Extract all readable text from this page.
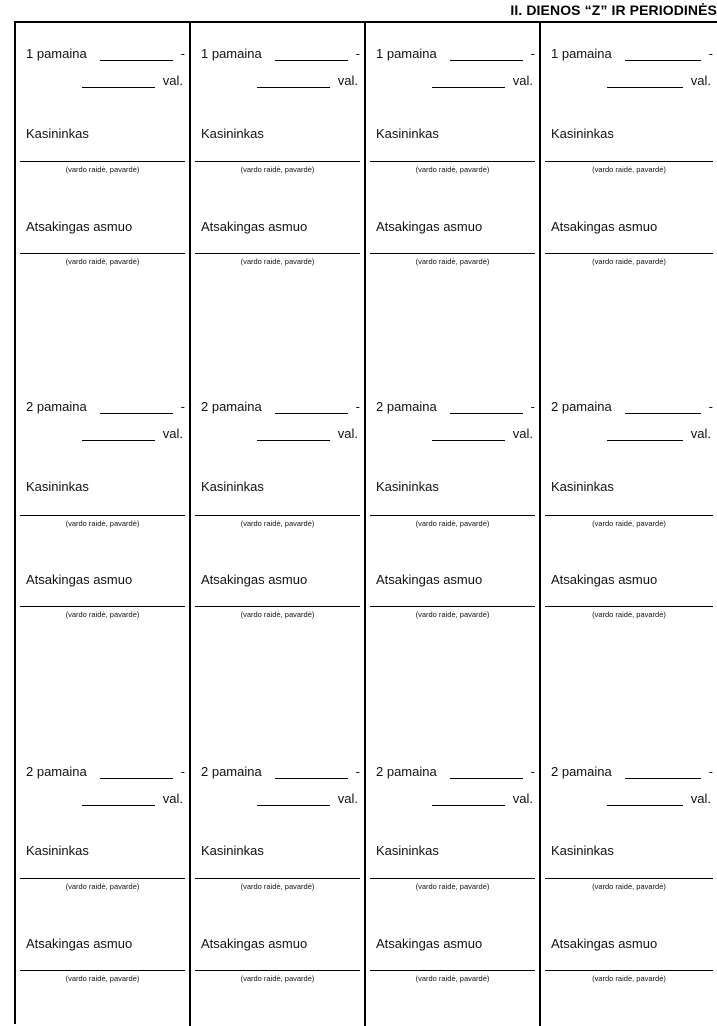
II. DIENOS “Z” IR PERIODINĖS
1 pamaina	-
val.
Kasininkas
(vardo raidė, pavardė)
Atsakingas asmuo
(vardo raidė, pavardė)
2 pamaina	-
val.
Kasininkas
(vardo raidė, pavardė)
Atsakingas asmuo
(vardo raidė, pavardė)
2 pamaina	-
val.
Kasininkas
(vardo raidė, pavardė)
Atsakingas asmuo
(vardo raidė, pavardė)
1 pamaina	-
val.
Kasininkas
(vardo raidė, pavardė)
Atsakingas asmuo
(vardo raidė, pavardė)
2 pamaina	-
val.
Kasininkas
(vardo raidė, pavardė)
Atsakingas asmuo
(vardo raidė, pavardė)
2 pamaina	-
val.
Kasininkas
(vardo raidė, pavardė)
Atsakingas asmuo
(vardo raidė, pavardė)
1 pamaina	-
val.
Kasininkas
(vardo raidė, pavardė)
Atsakingas asmuo
(vardo raidė, pavardė)
2 pamaina	-
val.
Kasininkas
(vardo raidė, pavardė)
Atsakingas asmuo
(vardo raidė, pavardė)
2 pamaina	-
val.
Kasininkas
(vardo raidė, pavardė)
Atsakingas asmuo
(vardo raidė, pavardė)
1 pamaina	-
val.
Kasininkas
(vardo raidė, pavardė)
Atsakingas asmuo
(vardo raidė, pavardė)
2 pamaina	-
val.
Kasininkas
(vardo raidė, pavardė)
Atsakingas asmuo
(vardo raidė, pavardė)
2 pamaina	-
val.
Kasininkas
(vardo raidė, pavardė)
Atsakingas asmuo
(vardo raidė, pavardė)
